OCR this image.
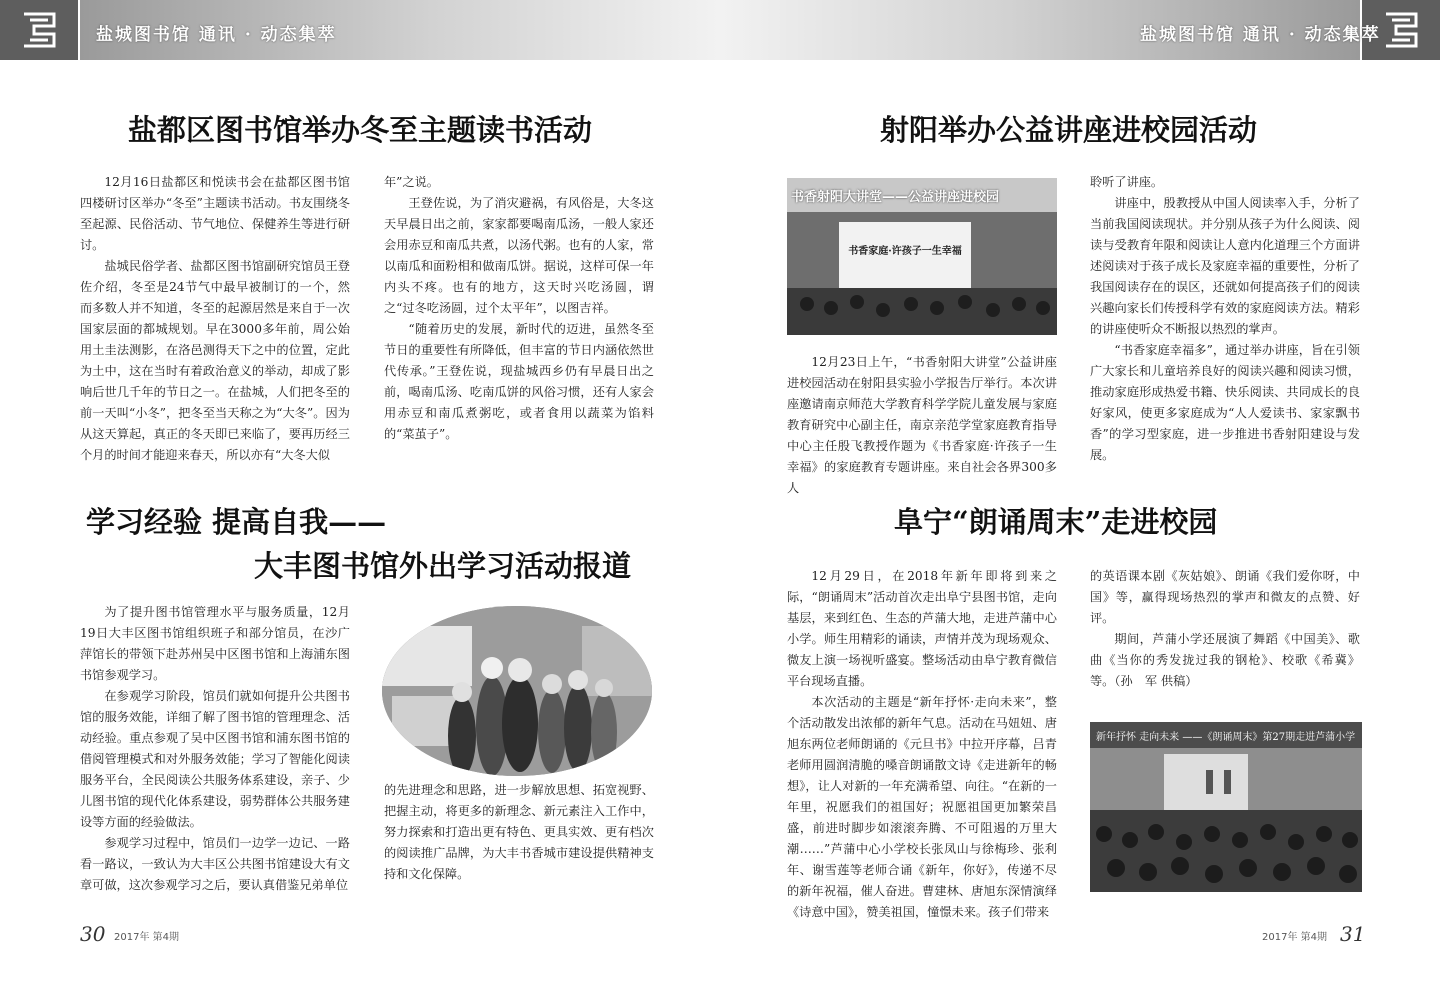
盐城图书馆 通讯 · 动态集萃	盐城图书馆 通讯 · 动态集萃
盐都区图书馆举办冬至主题读书活动

12月16日盐都区和悦读书会在盐都区图书馆四楼研讨区举办“冬至”主题读书活动。书友围绕冬至起源、民俗活动、节气地位、保健养生等进行研讨。

盐城民俗学者、盐都区图书馆副研究馆员王登佐介绍，冬至是24节气中最早被制订的一个，然而多数人并不知道，冬至的起源居然是来自于一次国家层面的都城规划。早在3000多年前，周公始用土圭法测影，在洛邑测得天下之中的位置，定此为土中，这在当时有着政治意义的举动，却成了影响后世几千年的节日之一。在盐城，人们把冬至的前一天叫“小冬”，把冬至当天称之为“大冬”。因为从这天算起，真正的冬天即已来临了，要再历经三个月的时间才能迎来春天，所以亦有“大冬大似

年”之说。

王登佐说，为了消灾避祸，有风俗是，大冬这天早晨日出之前，家家都要喝南瓜汤，一般人家还会用赤豆和南瓜共煮，以汤代粥。也有的人家，常以南瓜和面粉相和做南瓜饼。据说，这样可保一年内头不疼。也有的地方，这天时兴吃汤圆，谓之“过冬吃汤圆，过个太平年”，以图吉祥。

“随着历史的发展，新时代的迈进，虽然冬至节日的重要性有所降低，但丰富的节日内涵依然世代传承。”王登佐说，现盐城西乡仍有早晨日出之前，喝南瓜汤、吃南瓜饼的风俗习惯，还有人家会用赤豆和南瓜煮粥吃，或者食用以蔬菜为馅料的“菜茧子”。

学习经验 提高自我——
大丰图书馆外出学习活动报道

为了提升图书馆管理水平与服务质量，12月19日大丰区图书馆组织班子和部分馆员，在沙广萍馆长的带领下赴苏州吴中区图书馆和上海浦东图书馆参观学习。

在参观学习阶段，馆员们就如何提升公共图书馆的服务效能，详细了解了图书馆的管理理念、活动经验。重点参观了吴中区图书馆和浦东图书馆的借阅管理模式和对外服务效能；学习了智能化阅读服务平台，全民阅读公共服务体系建设，亲子、少儿图书馆的现代化体系建设，弱势群体公共服务建设等方面的经验做法。

参观学习过程中，馆员们一边学一边记、一路看一路议，一致认为大丰区公共图书馆建设大有文章可做，这次参观学习之后，要认真借鉴兄弟单位

的先进理念和思路，进一步解放思想、拓宽视野、把握主动，将更多的新理念、新元素注入工作中，努力探索和打造出更有特色、更具实效、更有档次的阅读推广品牌，为大丰书香城市建设提供精神支持和文化保障。

射阳举办公益讲座进校园活动
书香射阳大讲堂——公益讲座进校园
书香家庭·许孩子一生幸福

12月23日上午，“书香射阳大讲堂”公益讲座进校园活动在射阳县实验小学报告厅举行。本次讲座邀请南京师范大学教育科学学院儿童发展与家庭教育研究中心副主任，南京亲范学堂家庭教育指导中心主任殷飞教授作题为《书香家庭·许孩子一生幸福》的家庭教育专题讲座。来自社会各界300多人

聆听了讲座。

讲座中，殷教授从中国人阅读率入手，分析了当前我国阅读现状。并分别从孩子为什么阅读、阅读与受教育年限和阅读让人意内化道理三个方面讲述阅读对于孩子成长及家庭幸福的重要性，分析了我国阅读存在的误区，还就如何提高孩子们的阅读兴趣向家长们传授科学有效的家庭阅读方法。精彩的讲座使听众不断报以热烈的掌声。

“书香家庭幸福多”，通过举办讲座，旨在引领广大家长和儿童培养良好的阅读兴趣和阅读习惯，推动家庭形成热爱书籍、快乐阅读、共同成长的良好家风，使更多家庭成为“人人爱读书、家家飘书香”的学习型家庭，进一步推进书香射阳建设与发展。

阜宁“朗诵周末”走进校园

12月29日，在2018年新年即将到来之际，“朗诵周末”活动首次走出阜宁县图书馆，走向基层，来到红色、生态的芦蒲大地，走进芦蒲中心小学。师生用精彩的诵读，声情并茂为现场观众、微友上演一场视听盛宴。整场活动由阜宁教育微信平台现场直播。

本次活动的主题是“新年抒怀·走向未来”，整个活动散发出浓郁的新年气息。活动在马妞妞、唐旭东两位老师朗诵的《元旦书》中拉开序幕，吕青老师用圆润清脆的嗓音朗诵散文诗《走进新年的畅想》，让人对新的一年充满希望、向往。“在新的一年里，祝愿我们的祖国好；祝愿祖国更加繁荣昌盛，前进时脚步如滚滚奔腾、不可阻遏的万里大潮……”芦蒲中心小学校长张凤山与徐梅珍、张利年、谢雪莲等老师合诵《新年，你好》，传递不尽的新年祝福，催人奋进。曹建林、唐旭东深情演绎《诗意中国》，赞美祖国，憧憬未来。孩子们带来

的英语课本剧《灰姑娘》、朗诵《我们爱你呀，中国》等，赢得现场热烈的掌声和微友的点赞、好评。

期间，芦蒲小学还展演了舞蹈《中国美》、歌曲《当你的秀发拢过我的钢枪》、校歌《希冀》等。（孙　军 供稿）

新年抒怀 走向未来 ——《朗诵周末》第27期走进芦蒲小学
30 2017年 第4期	2017年 第4期 31
